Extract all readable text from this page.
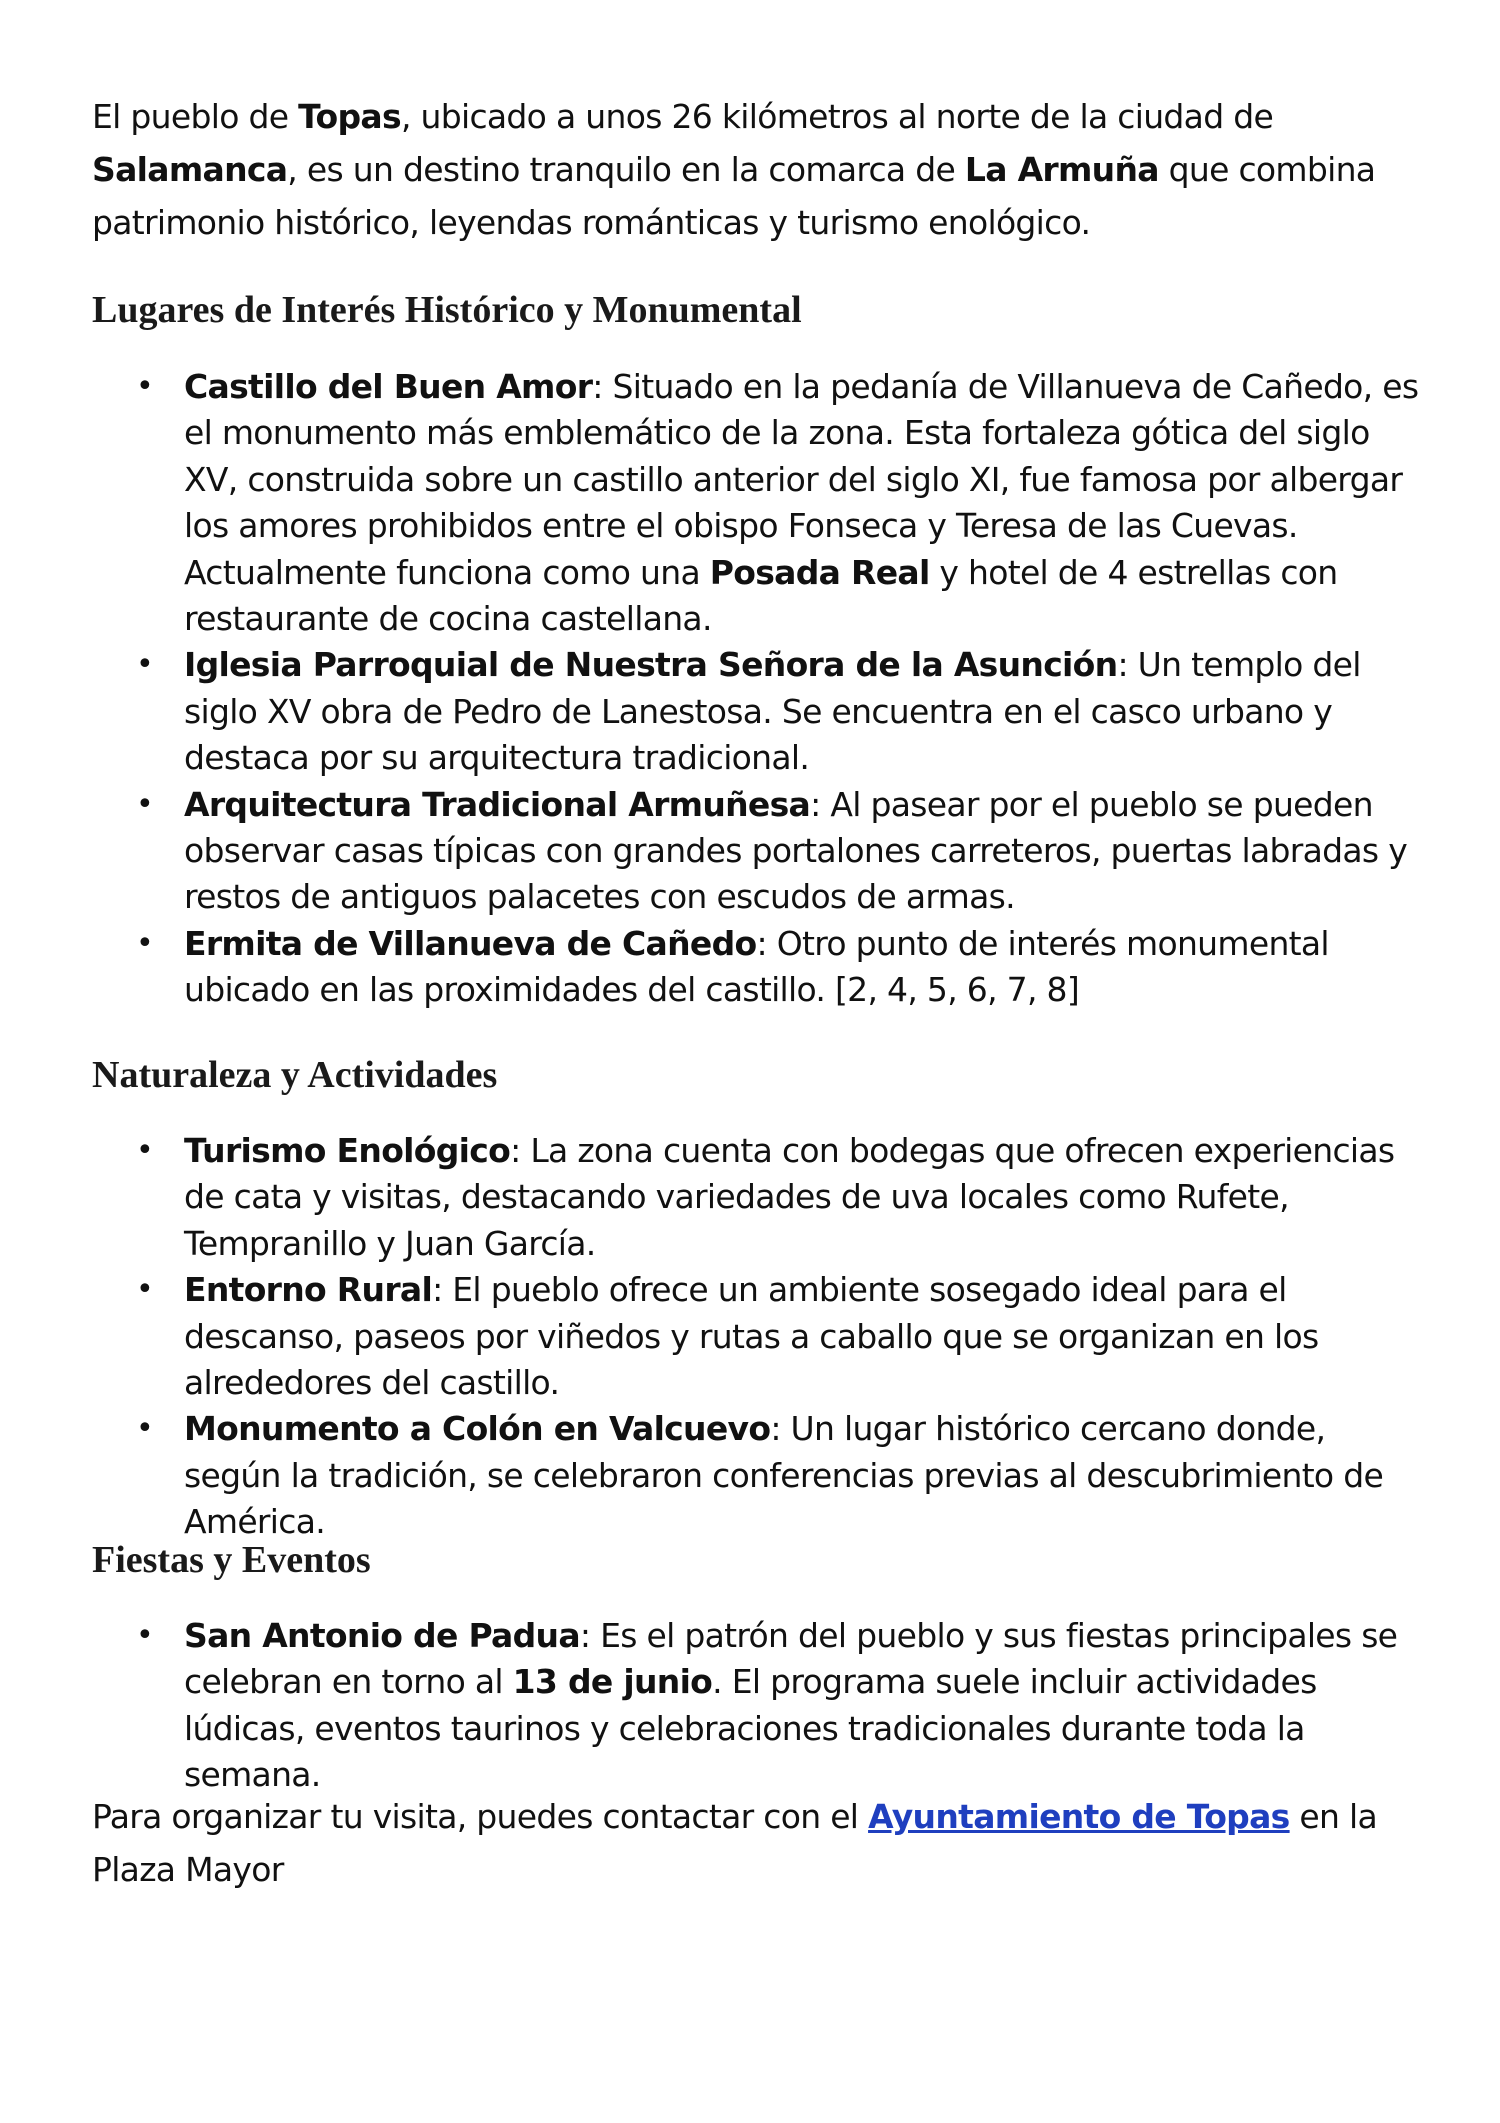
El pueblo de Topas, ubicado a unos 26 kilómetros al norte de la ciudad de Salamanca, es un destino tranquilo en la comarca de La Armuña que combina patrimonio histórico, leyendas románticas y turismo enológico.

Lugares de Interés Histórico y Monumental
• Castillo del Buen Amor: Situado en la pedanía de Villanueva de Cañedo, es el monumento más emblemático de la zona. Esta fortaleza gótica del siglo XV, construida sobre un castillo anterior del siglo XI, fue famosa por albergar los amores prohibidos entre el obispo Fonseca y Teresa de las Cuevas. Actualmente funciona como una Posada Real y hotel de 4 estrellas con restaurante de cocina castellana.
• Iglesia Parroquial de Nuestra Señora de la Asunción: Un templo del siglo XV obra de Pedro de Lanestosa. Se encuentra en el casco urbano y destaca por su arquitectura tradicional.
• Arquitectura Tradicional Armuñesa: Al pasear por el pueblo se pueden observar casas típicas con grandes portalones carreteros, puertas labradas y restos de antiguos palacetes con escudos de armas.
• Ermita de Villanueva de Cañedo: Otro punto de interés monumental ubicado en las proximidades del castillo. [2, 4, 5, 6, 7, 8]
Naturaleza y Actividades
• Turismo Enológico: La zona cuenta con bodegas que ofrecen experiencias de cata y visitas, destacando variedades de uva locales como Rufete, Tempranillo y Juan García.
• Entorno Rural: El pueblo ofrece un ambiente sosegado ideal para el descanso, paseos por viñedos y rutas a caballo que se organizan en los alrededores del castillo.
• Monumento a Colón en Valcuevo: Un lugar histórico cercano donde, según la tradición, se celebraron conferencias previas al descubrimiento de América.
Fiestas y Eventos
• San Antonio de Padua: Es el patrón del pueblo y sus fiestas principales se celebran en torno al 13 de junio. El programa suele incluir actividades lúdicas, eventos taurinos y celebraciones tradicionales durante toda la semana.

Para organizar tu visita, puedes contactar con el Ayuntamiento de Topas en la Plaza Mayor
